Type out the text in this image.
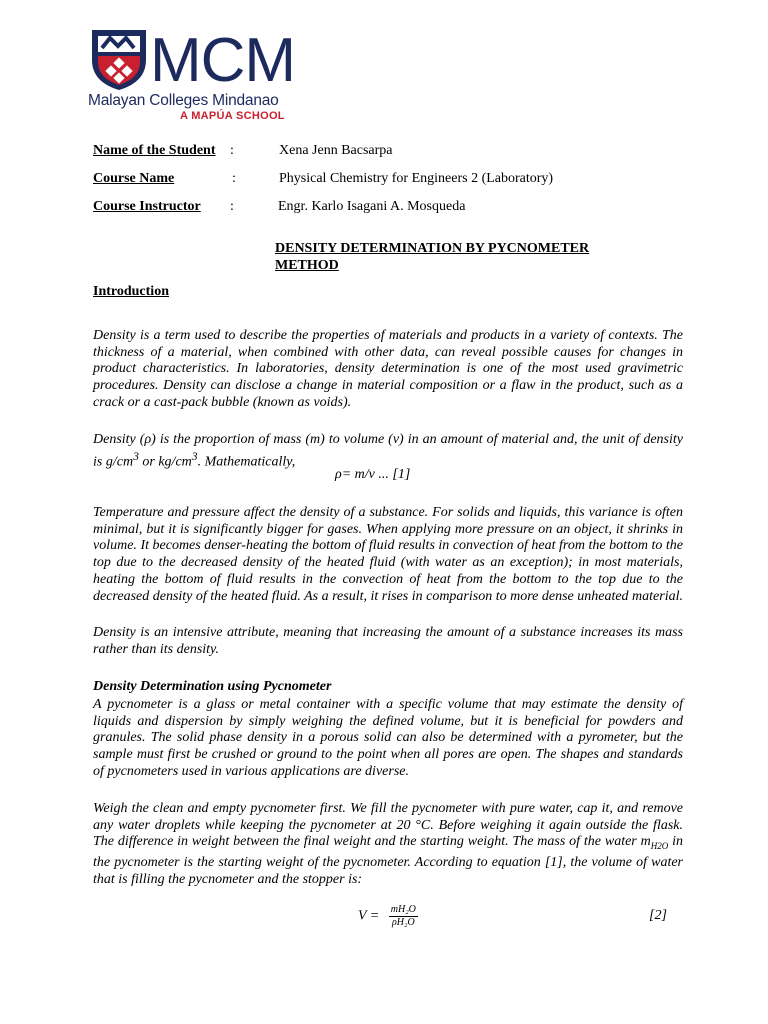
MCM
Malayan Colleges Mindanao
A MAPÚA SCHOOL
Name of the Student :	Xena Jenn Bacsarpa
Course Name	:	Physical Chemistry for Engineers 2 (Laboratory)
Course Instructor :	Engr. Karlo Isagani A. Mosqueda
DENSITY DETERMINATION BY PYCNOMETER METHOD
Introduction
Density is a term used to describe the properties of materials and products in a variety of contexts. The thickness of a material, when combined with other data, can reveal possible causes for changes in product characteristics. In laboratories, density determination is one of the most used gravimetric procedures. Density can disclose a change in material composition or a flaw in the product, such as a crack or a cast-pack bubble (known as voids).
Density (ρ) is the proportion of mass (m) to volume (v) in an amount of material and, the unit of density is $g/cm^3$ or $kg/cm^3$. Mathematically,
ρ= m/v ... [1]
Temperature and pressure affect the density of a substance. For solids and liquids, this variance is often minimal, but it is significantly bigger for gases. When applying more pressure on an object, it shrinks in volume. It becomes denser-heating the bottom of fluid results in convection of heat from the bottom to the top due to the decreased density of the heated fluid (with water as an exception); in most materials, heating the bottom of fluid results in the convection of heat from the bottom to the top due to the decreased density of the heated fluid. As a result, it rises in comparison to more dense unheated material.
Density is an intensive attribute, meaning that increasing the amount of a substance increases its mass rather than its density.
Density Determination using Pycnometer
A pycnometer is a glass or metal container with a specific volume that may estimate the density of liquids and dispersion by simply weighing the defined volume, but it is beneficial for powders and granules. The solid phase density in a porous solid can also be determined with a pyrometer, but the sample must first be crushed or ground to the point when all pores are open. The shapes and standards of pycnometers used in various applications are diverse.
Weigh the clean and empty pycnometer first. We fill the pycnometer with pure water, cap it, and remove any water droplets while keeping the pycnometer at 20 °C. Before weighing it again outside the flask. The difference in weight between the final weight and the starting weight. The mass of the water $m_{H2O}$ in the pycnometer is the starting weight of the pycnometer. According to equation [1], the volume of water that is filling the pycnometer and the stopper is:
$V = \frac{\text{mH₂O}}{\text{ρH₂O}}$	[2]
